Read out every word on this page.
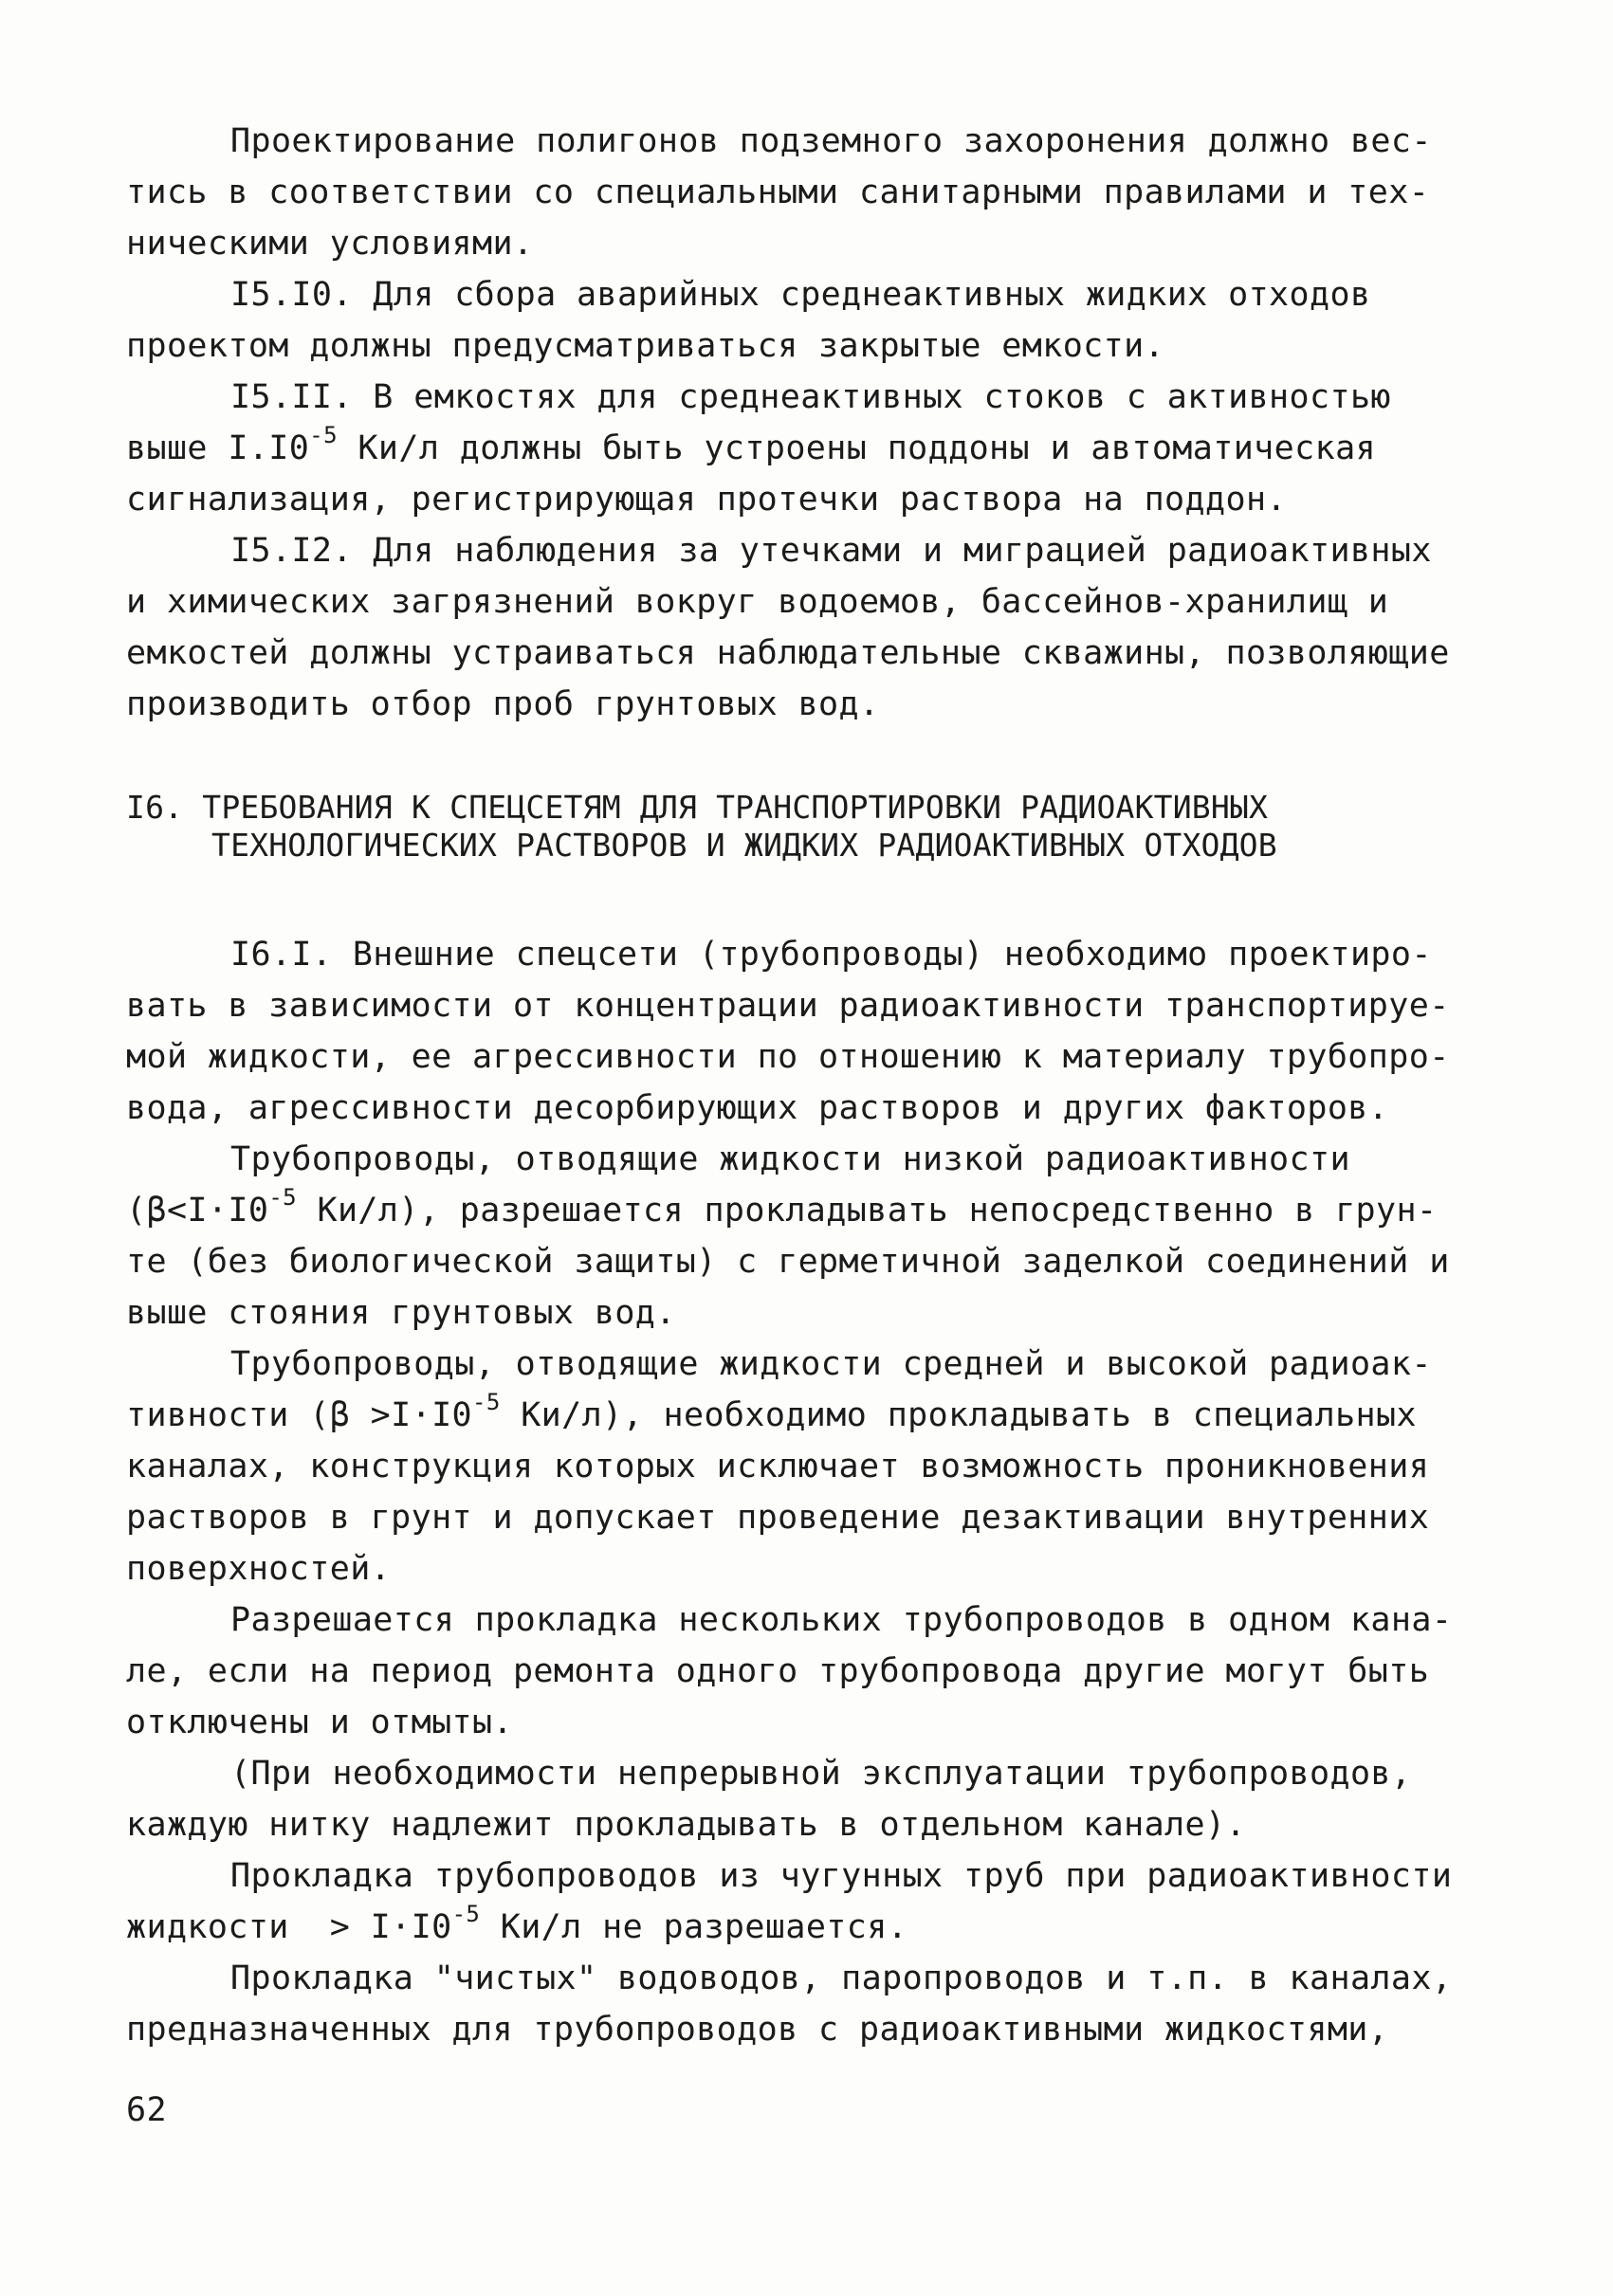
Проектирование полигонов подземного захоронения должно вес-
тись в соответствии со специальными санитарными правилами и тех-
ническими условиями.
I5.I0. Для сбора аварийных среднеактивных жидких отходов
проектом должны предусматриваться закрытые емкости.
I5.II. В емкостях для среднеактивных стоков с активностью
выше $I.I0^{-5}$ Ки/л должны быть устроены поддоны и автоматическая
сигнализация, регистрирующая протечки раствора на поддон.
I5.I2. Для наблюдения за утечками и миграцией радиоактивных
и химических загрязнений вокруг водоемов, бассейнов-хранилищ и
емкостей должны устраиваться наблюдательные скважины, позволяющие
производить отбор проб грунтовых вод.
I6. ТРЕБОВАНИЯ К СПЕЦСЕТЯМ ДЛЯ ТРАНСПОРТИРОВКИ РАДИОАКТИВНЫХ
ТЕХНОЛОГИЧЕСКИХ РАСТВОРОВ И ЖИДКИХ РАДИОАКТИВНЫХ ОТХОДОВ
I6.I. Внешние спецсети (трубопроводы) необходимо проектиро-
вать в зависимости от концентрации радиоактивности транспортируе-
мой жидкости, ее агрессивности по отношению к материалу трубопро-
вода, агрессивности десорбирующих растворов и других факторов.
Трубопроводы, отводящие жидкости низкой радиоактивности
($\beta<I\cdot I0^{-5}$ Ки/л), разрешается прокладывать непосредственно в грун-
те (без биологической защиты) с герметичной заделкой соединений и
выше стояния грунтовых вод.
Трубопроводы, отводящие жидкости средней и высокой радиоак-
тивности ($\beta >I\cdot I0^{-5}$ Ки/л), необходимо прокладывать в специальных
каналах, конструкция которых исключает возможность проникновения
растворов в грунт и допускает проведение дезактивации внутренних
поверхностей.
Разрешается прокладка нескольких трубопроводов в одном кана-
ле, если на период ремонта одного трубопровода другие могут быть
отключены и отмыты.
(При необходимости непрерывной эксплуатации трубопроводов,
каждую нитку надлежит прокладывать в отдельном канале).
Прокладка трубопроводов из чугунных труб при радиоактивности
жидкости  > $I\cdot I0^{-5}$ Ки/л не разрешается.
Прокладка "чистых" водоводов, паропроводов и т.п. в каналах,
предназначенных для трубопроводов с радиоактивными жидкостями,
62
